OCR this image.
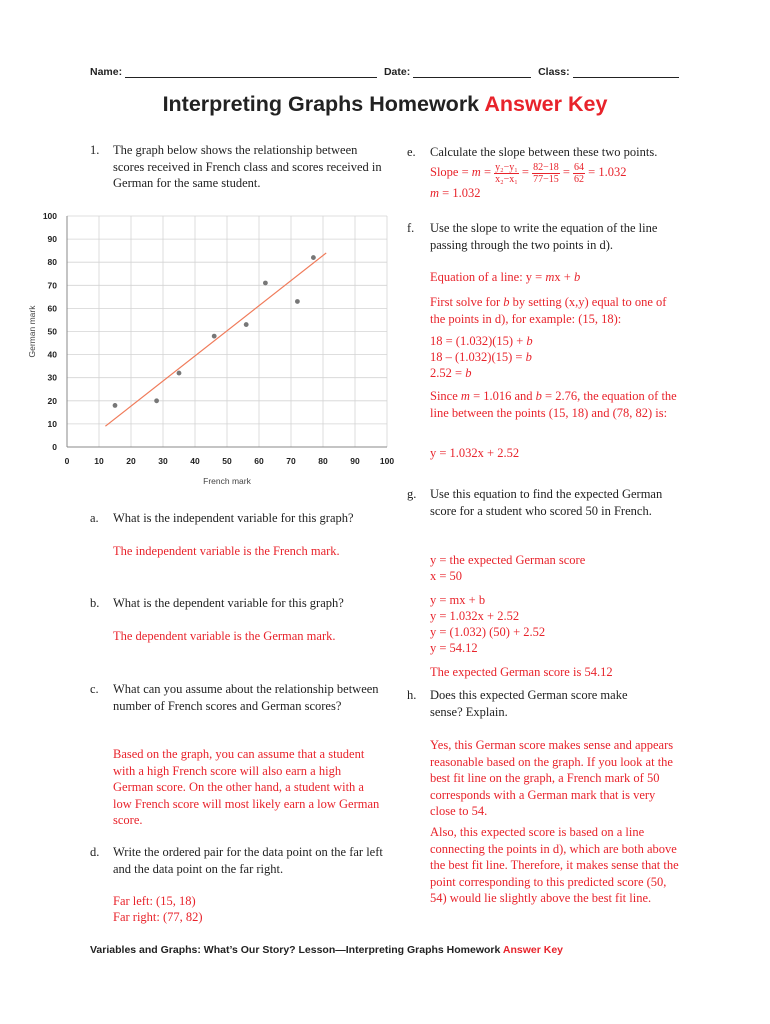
Name:	Date:	Class:
Interpreting Graphs Homework Answer Key
1. The graph below shows the relationship between scores received in French class and scores received in German for the same student.
0	10	20	30	40	50	60	70	80	90 100
0
10
20
30
40
50
60
70
80
90
100
French mark
German mark
a. What is the independent variable for this graph?
The independent variable is the French mark.
b. What is the dependent variable for this graph?
The dependent variable is the German mark.
c. What can you assume about the relationship between number of French scores and German scores?
Based on the graph, you can assume that a student with a high French score will also earn a high German score. On the other hand, a student with a low French score will most likely earn a low German score.
d. Write the ordered pair for the data point on the far left and the data point on the far right.
Far left: (15, 18)
Far right: (77, 82)
e. Calculate the slope between these two points.
Slope = $m = \frac{\text{y₂−y₁}}{\text{x₂−x₁}} = \frac{82-18}{77-15} = \frac{64}{62} = 1.032$
m = 1.032
f. Use the slope to write the equation of the line passing through the two points in d).
Equation of a line: y = mx + b
First solve for b by setting (x,y) equal to one of the points in d), for example: (15, 18):
18 = (1.032)(15) + b
18 – (1.032)(15) = b
2.52 = b
Since m = 1.016 and b = 2.76, the equation of the line between the points (15, 18) and (78, 82) is:
y = 1.032x + 2.52
g. Use this equation to find the expected German score for a student who scored 50 in French.
y = the expected German score
x = 50
y = mx + b
y = 1.032x + 2.52
y = (1.032) (50) + 2.52
y = 54.12
The expected German score is 54.12
h. Does this expected German score make sense? Explain.
Yes, this German score makes sense and appears reasonable based on the graph. If you look at the best fit line on the graph, a French mark of 50 corresponds with a German mark that is very close to 54.
Also, this expected score is based on a line connecting the points in d), which are both above the best fit line. Therefore, it makes sense that the point corresponding to this predicted score (50, 54) would lie slightly above the best fit line.
Variables and Graphs: What’s Our Story? Lesson—Interpreting Graphs Homework Answer Key
